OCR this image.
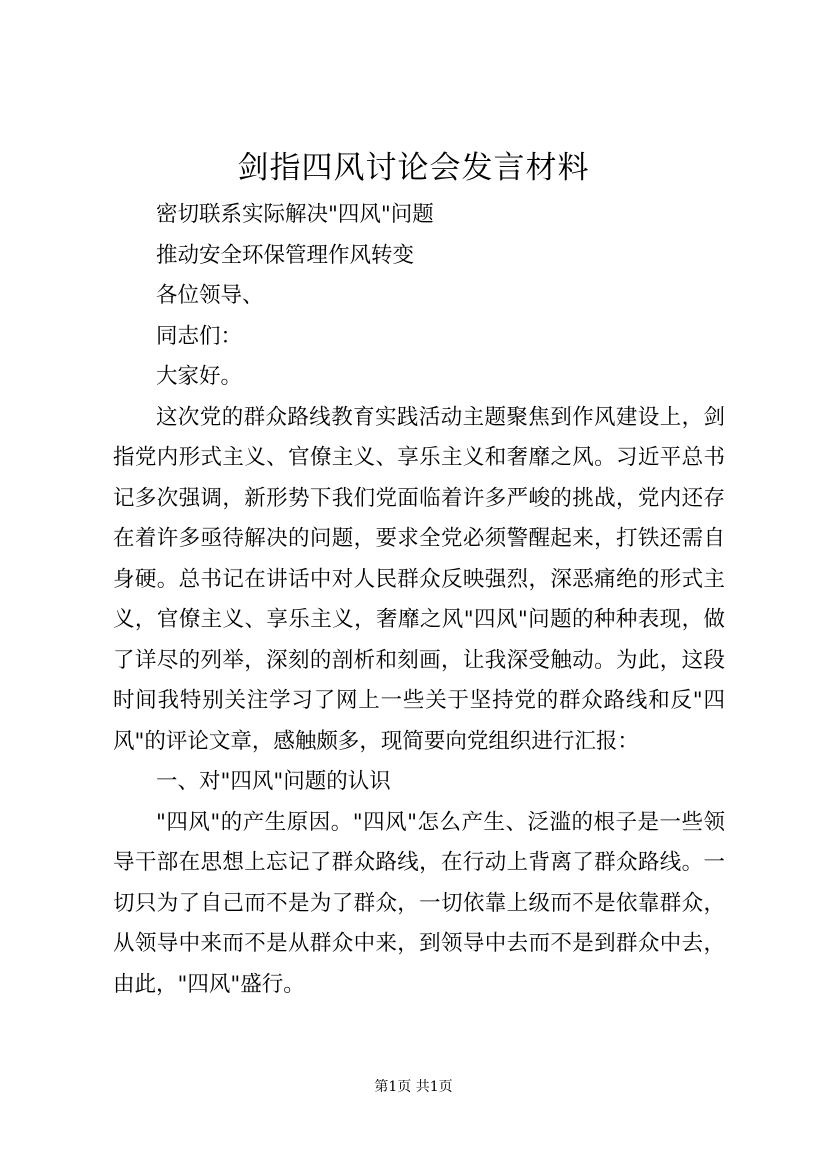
剑指四风讨论会发言材料
密切联系实际解决"四风"问题
推动安全环保管理作风转变
各位领导、
同志们：
大家好。
这次党的群众路线教育实践活动主题聚焦到作风建设上，剑
指党内形式主义、官僚主义、享乐主义和奢靡之风。习近平总书
记多次强调，新形势下我们党面临着许多严峻的挑战，党内还存
在着许多亟待解决的问题，要求全党必须警醒起来，打铁还需自
身硬。总书记在讲话中对人民群众反映强烈，深恶痛绝的形式主
义，官僚主义、享乐主义，奢靡之风"四风"问题的种种表现，做
了详尽的列举，深刻的剖析和刻画，让我深受触动。为此，这段
时间我特别关注学习了网上一些关于坚持党的群众路线和反"四
风"的评论文章，感触颇多，现简要向党组织进行汇报：
一、对"四风"问题的认识
"四风"的产生原因。"四风"怎么产生、泛滥的根子是一些领
导干部在思想上忘记了群众路线，在行动上背离了群众路线。一
切只为了自己而不是为了群众，一切依靠上级而不是依靠群众，
从领导中来而不是从群众中来，到领导中去而不是到群众中去，
由此，"四风"盛行。
第1页 共1页
